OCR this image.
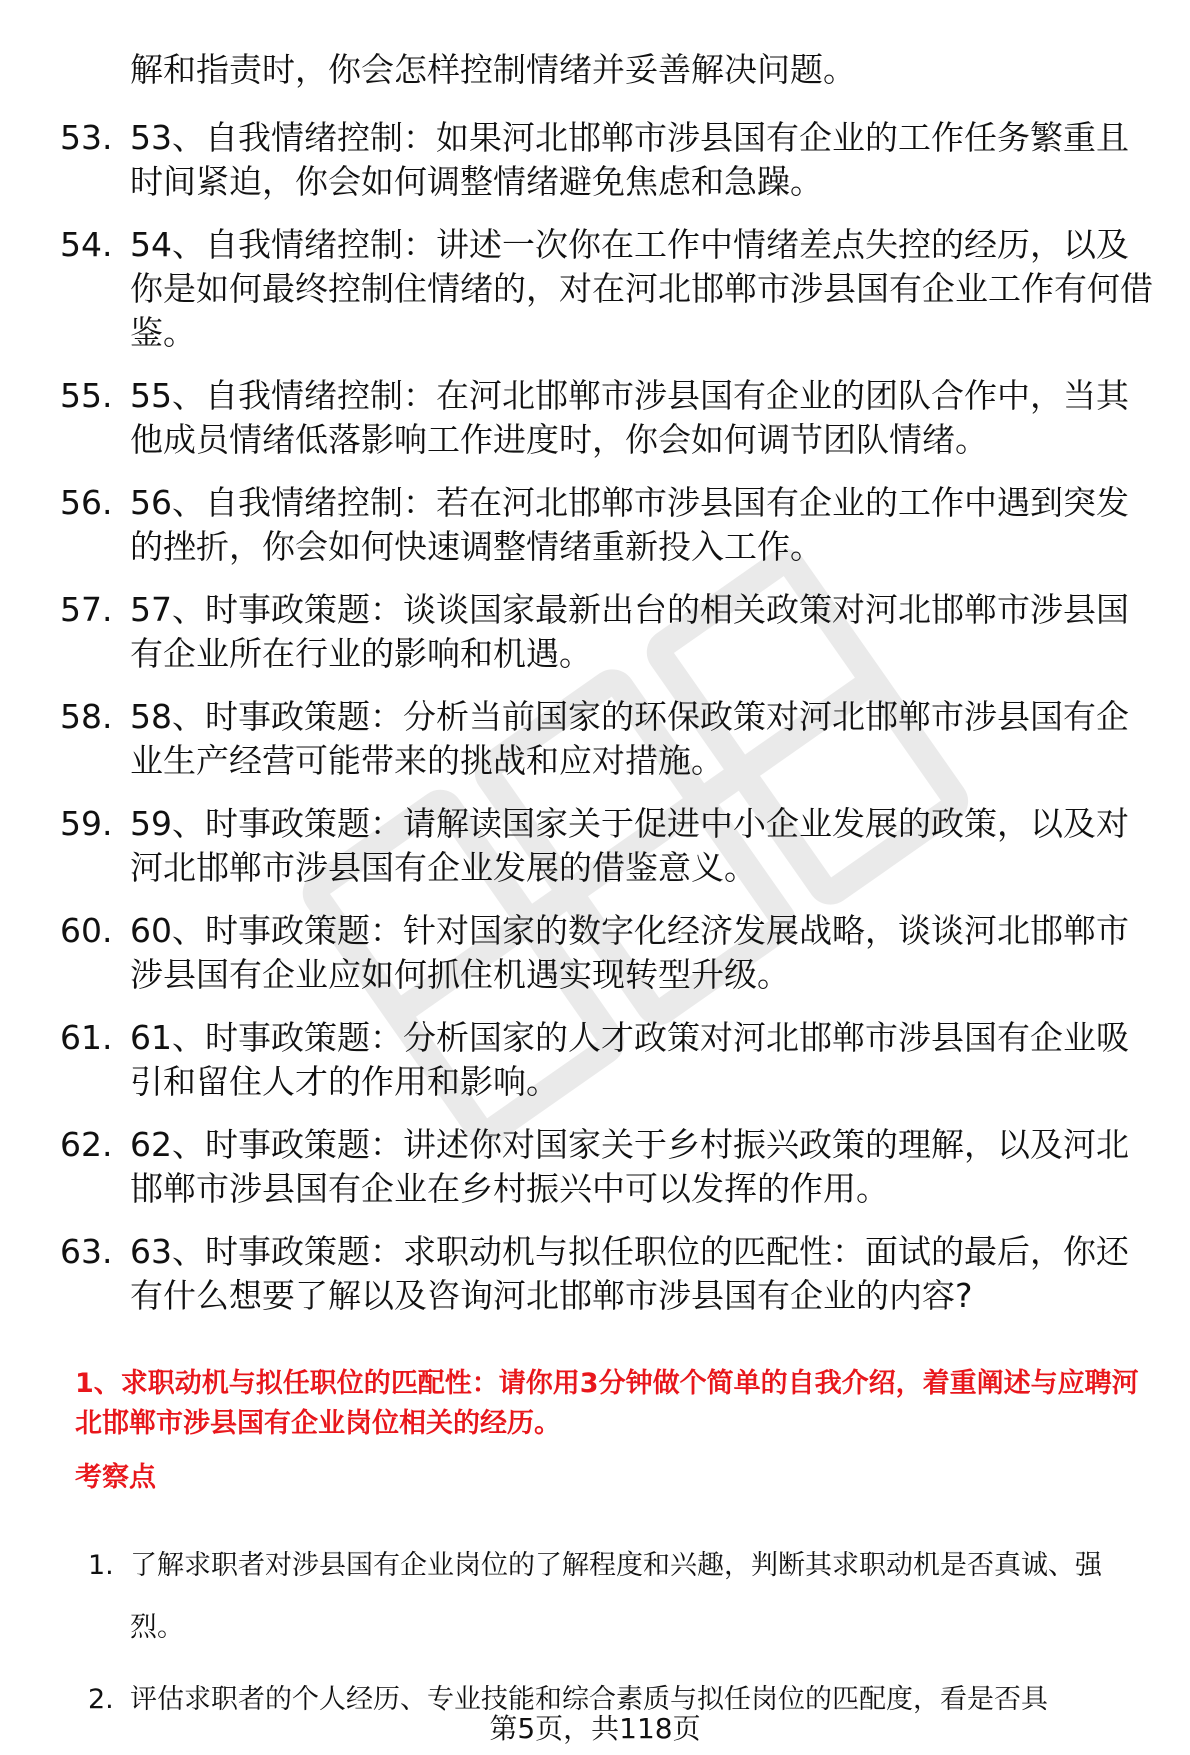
解和指责时，你会怎样控制情绪并妥善解决问题。
53. 53、自我情绪控制：如果河北邯郸市涉县国有企业的工作任务繁重且时间紧迫，你会如何调整情绪避免焦虑和急躁。
54. 54、自我情绪控制：讲述一次你在工作中情绪差点失控的经历，以及你是如何最终控制住情绪的，对在河北邯郸市涉县国有企业工作有何借鉴。
55. 55、自我情绪控制：在河北邯郸市涉县国有企业的团队合作中，当其他成员情绪低落影响工作进度时，你会如何调节团队情绪。
56. 56、自我情绪控制：若在河北邯郸市涉县国有企业的工作中遇到突发的挫折，你会如何快速调整情绪重新投入工作。
57. 57、时事政策题：谈谈国家最新出台的相关政策对河北邯郸市涉县国有企业所在行业的影响和机遇。
58. 58、时事政策题：分析当前国家的环保政策对河北邯郸市涉县国有企业生产经营可能带来的挑战和应对措施。
59. 59、时事政策题：请解读国家关于促进中小企业发展的政策，以及对河北邯郸市涉县国有企业发展的借鉴意义。
60. 60、时事政策题：针对国家的数字化经济发展战略，谈谈河北邯郸市涉县国有企业应如何抓住机遇实现转型升级。
61. 61、时事政策题：分析国家的人才政策对河北邯郸市涉县国有企业吸引和留住人才的作用和影响。
62. 62、时事政策题：讲述你对国家关于乡村振兴政策的理解，以及河北邯郸市涉县国有企业在乡村振兴中可以发挥的作用。
63. 63、时事政策题：求职动机与拟任职位的匹配性：面试的最后，你还有什么想要了解以及咨询河北邯郸市涉县国有企业的内容?
1、求职动机与拟任职位的匹配性：请你用3分钟做个简单的自我介绍，着重阐述与应聘河北邯郸市涉县国有企业岗位相关的经历。
考察点
1. 了解求职者对涉县国有企业岗位的了解程度和兴趣，判断其求职动机是否真诚、强烈。
2. 评估求职者的个人经历、专业技能和综合素质与拟任岗位的匹配度，看是否具
第5页，共118页
